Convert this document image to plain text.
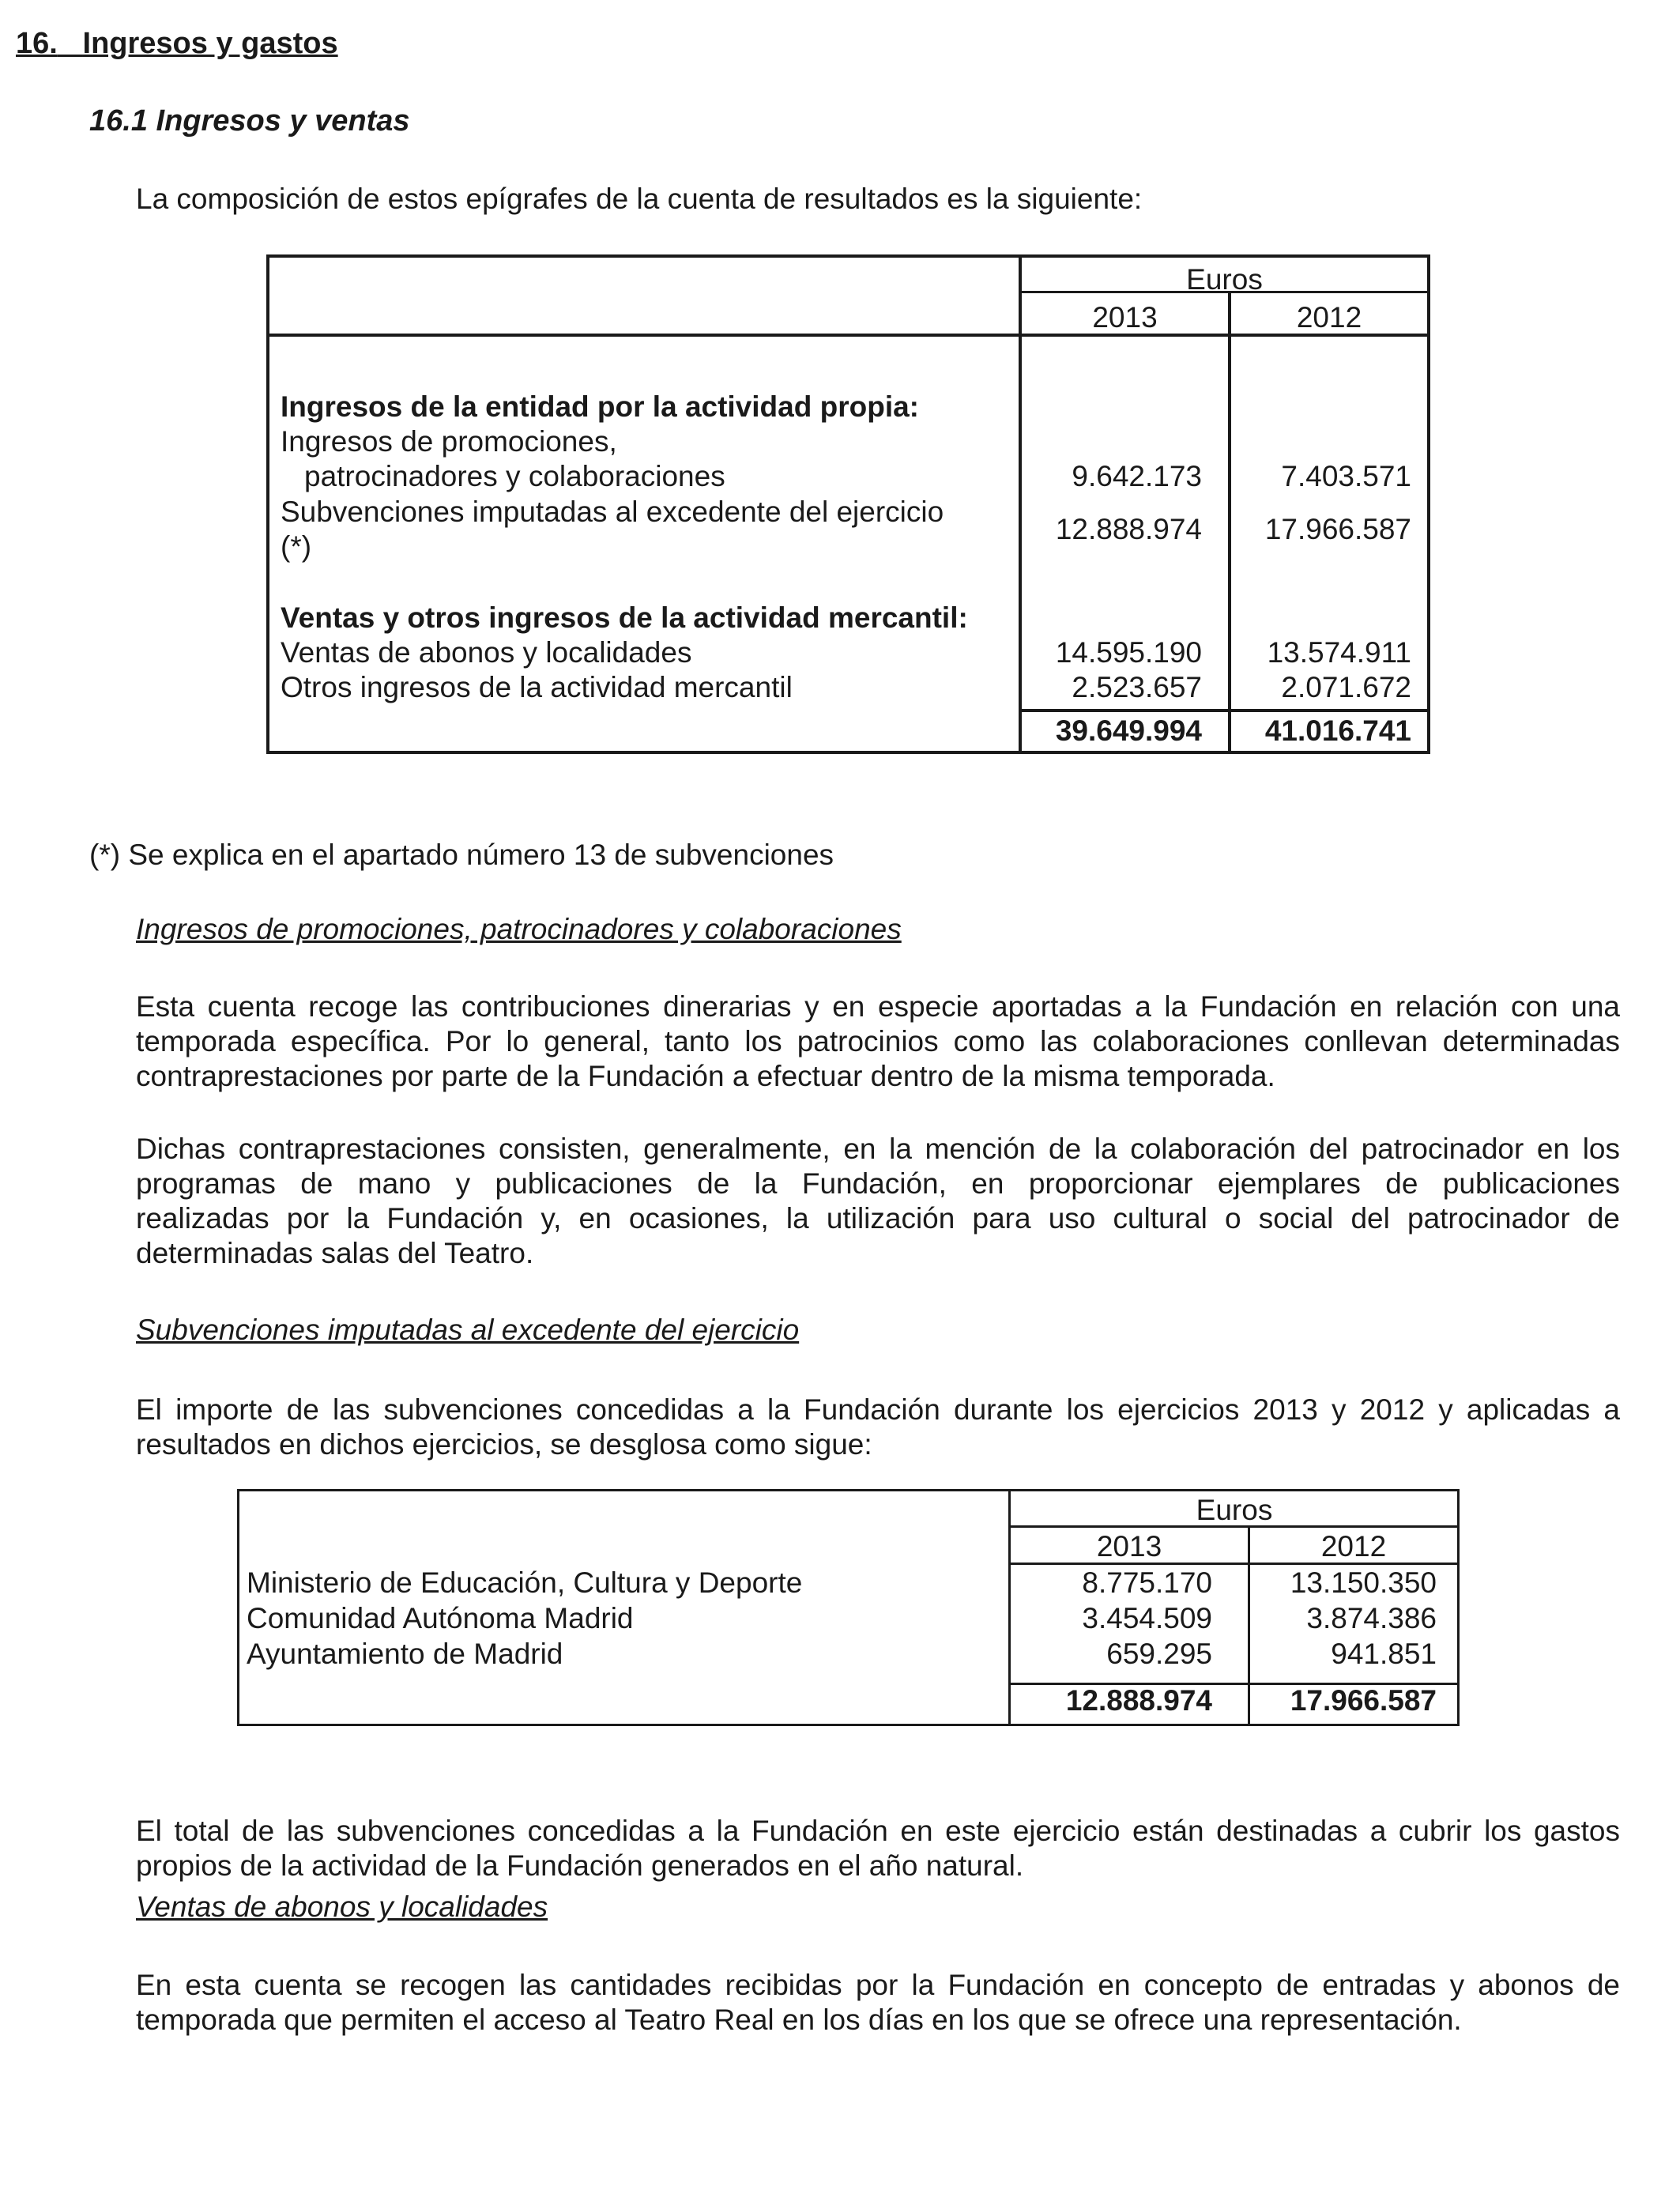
16. Ingresos y gastos
16.1 Ingresos y ventas
La composición de estos epígrafes de la cuenta de resultados es la siguiente:
Euros
2013	2012
Ingresos de la entidad por la actividad propia:
Ingresos de promociones,
patrocinadores y colaboraciones	9.642.173	7.403.571
Subvenciones imputadas al excedente del ejercicio
(*)
12.888.974	17.966.587
Ventas y otros ingresos de la actividad mercantil:
Ventas de abonos y localidades	14.595.190	13.574.911
Otros ingresos de la actividad mercantil	2.523.657	2.071.672
39.649.994	41.016.741
(*) Se explica en el apartado número 13 de subvenciones
Ingresos de promociones, patrocinadores y colaboraciones
Esta cuenta recoge las contribuciones dinerarias y en especie aportadas a la Fundación en relación con una
temporada específica. Por lo general, tanto los patrocinios como las colaboraciones conllevan determinadas
contraprestaciones por parte de la Fundación a efectuar dentro de la misma temporada.
Dichas contraprestaciones consisten, generalmente, en la mención de la colaboración del patrocinador en los
programas de mano y publicaciones de la Fundación, en proporcionar ejemplares de publicaciones
realizadas por la Fundación y, en ocasiones, la utilización para uso cultural o social del patrocinador de
determinadas salas del Teatro.
Subvenciones imputadas al excedente del ejercicio
El importe de las subvenciones concedidas a la Fundación durante los ejercicios 2013 y 2012 y aplicadas a
resultados en dichos ejercicios, se desglosa como sigue:
Euros
2013	2012
Ministerio de Educación, Cultura y Deporte	8.775.170	13.150.350
Comunidad Autónoma Madrid	3.454.509	3.874.386
Ayuntamiento de Madrid	659.295	941.851
12.888.974	17.966.587
El total de las subvenciones concedidas a la Fundación en este ejercicio están destinadas a cubrir los gastos
propios de la actividad de la Fundación generados en el año natural.
Ventas de abonos y localidades
En esta cuenta se recogen las cantidades recibidas por la Fundación en concepto de entradas y abonos de
temporada que permiten el acceso al Teatro Real en los días en los que se ofrece una representación.
